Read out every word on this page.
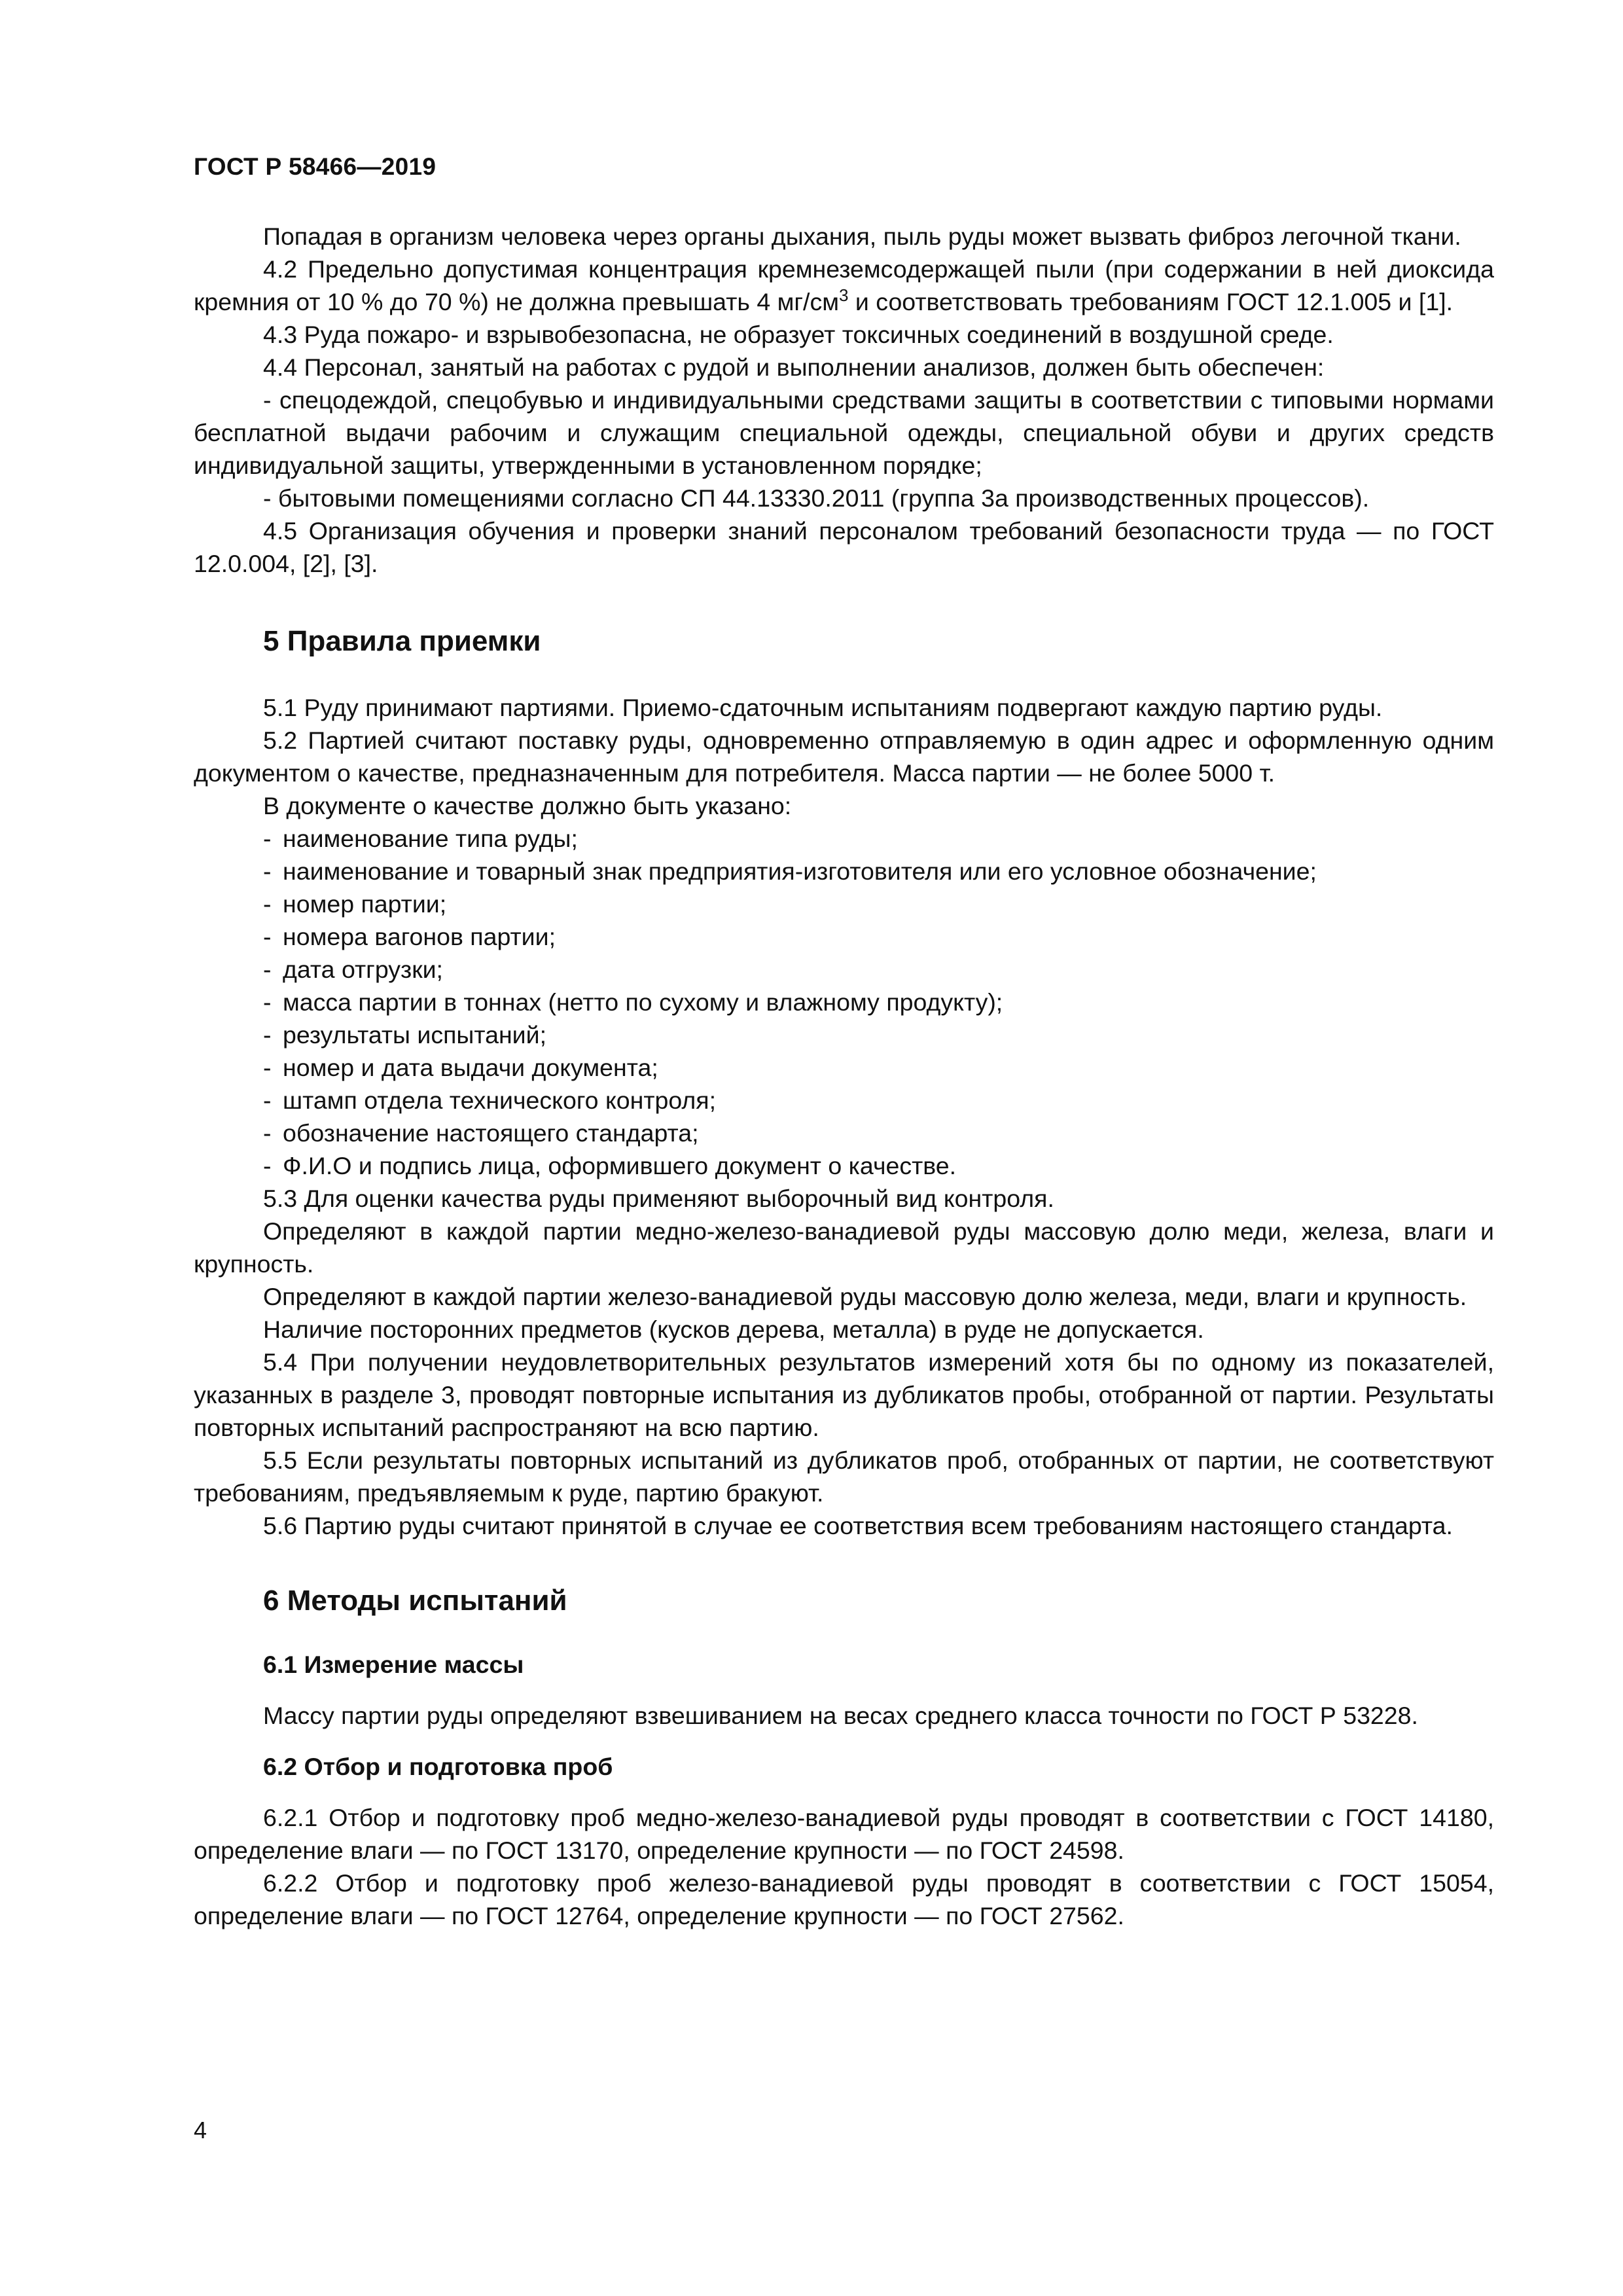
ГОСТ Р 58466—2019

Попадая в организм человека через органы дыхания, пыль руды может вызвать фиброз легочной ткани.

4.2 Предельно допустимая концентрация кремнеземсодержащей пыли (при содержании в ней диоксида кремния от 10 % до 70 %) не должна превышать 4 $мг/см^3$ и соответствовать требованиям ГОСТ 12.1.005 и [1].

4.3 Руда пожаро- и взрывобезопасна, не образует токсичных соединений в воздушной среде.

4.4 Персонал, занятый на работах с рудой и выполнении анализов, должен быть обеспечен:

- спецодеждой, спецобувью и индивидуальными средствами защиты в соответствии с типовыми нормами бесплатной выдачи рабочим и служащим специальной одежды, специальной обуви и других средств индивидуальной защиты, утвержденными в установленном порядке;

- бытовыми помещениями согласно СП 44.13330.2011 (группа 3а производственных процессов).

4.5 Организация обучения и проверки знаний персоналом требований безопасности труда — по ГОСТ 12.0.004, [2], [3].

5 Правила приемки

5.1 Руду принимают партиями. Приемо-сдаточным испытаниям подвергают каждую партию руды.

5.2 Партией считают поставку руды, одновременно отправляемую в один адрес и оформленную одним документом о качестве, предназначенным для потребителя. Масса партии — не более 5000 т.

В документе о качестве должно быть указано:

- наименование типа руды;
- наименование и товарный знак предприятия-изготовителя или его условное обозначение;
- номер партии;
- номера вагонов партии;
- дата отгрузки;
- масса партии в тоннах (нетто по сухому и влажному продукту);
- результаты испытаний;
- номер и дата выдачи документа;
- штамп отдела технического контроля;
- обозначение настоящего стандарта;
- Ф.И.О и подпись лица, оформившего документ о качестве.

5.3 Для оценки качества руды применяют выборочный вид контроля.

Определяют в каждой партии медно-железо-ванадиевой руды массовую долю меди, железа, влаги и крупность.

Определяют в каждой партии железо-ванадиевой руды массовую долю железа, меди, влаги и крупность.

Наличие посторонних предметов (кусков дерева, металла) в руде не допускается.

5.4 При получении неудовлетворительных результатов измерений хотя бы по одному из показателей, указанных в разделе 3, проводят повторные испытания из дубликатов пробы, отобранной от партии. Результаты повторных испытаний распространяют на всю партию.

5.5 Если результаты повторных испытаний из дубликатов проб, отобранных от партии, не соответствуют требованиям, предъявляемым к руде, партию бракуют.

5.6 Партию руды считают принятой в случае ее соответствия всем требованиям настоящего стандарта.

6 Методы испытаний
6.1 Измерение массы

Массу партии руды определяют взвешиванием на весах среднего класса точности по ГОСТ Р 53228.

6.2 Отбор и подготовка проб

6.2.1 Отбор и подготовку проб медно-железо-ванадиевой руды проводят в соответствии с ГОСТ 14180, определение влаги — по ГОСТ 13170, определение крупности — по ГОСТ 24598.

6.2.2 Отбор и подготовку проб железо-ванадиевой руды проводят в соответствии с ГОСТ 15054, определение влаги — по ГОСТ 12764, определение крупности — по ГОСТ 27562.

4
